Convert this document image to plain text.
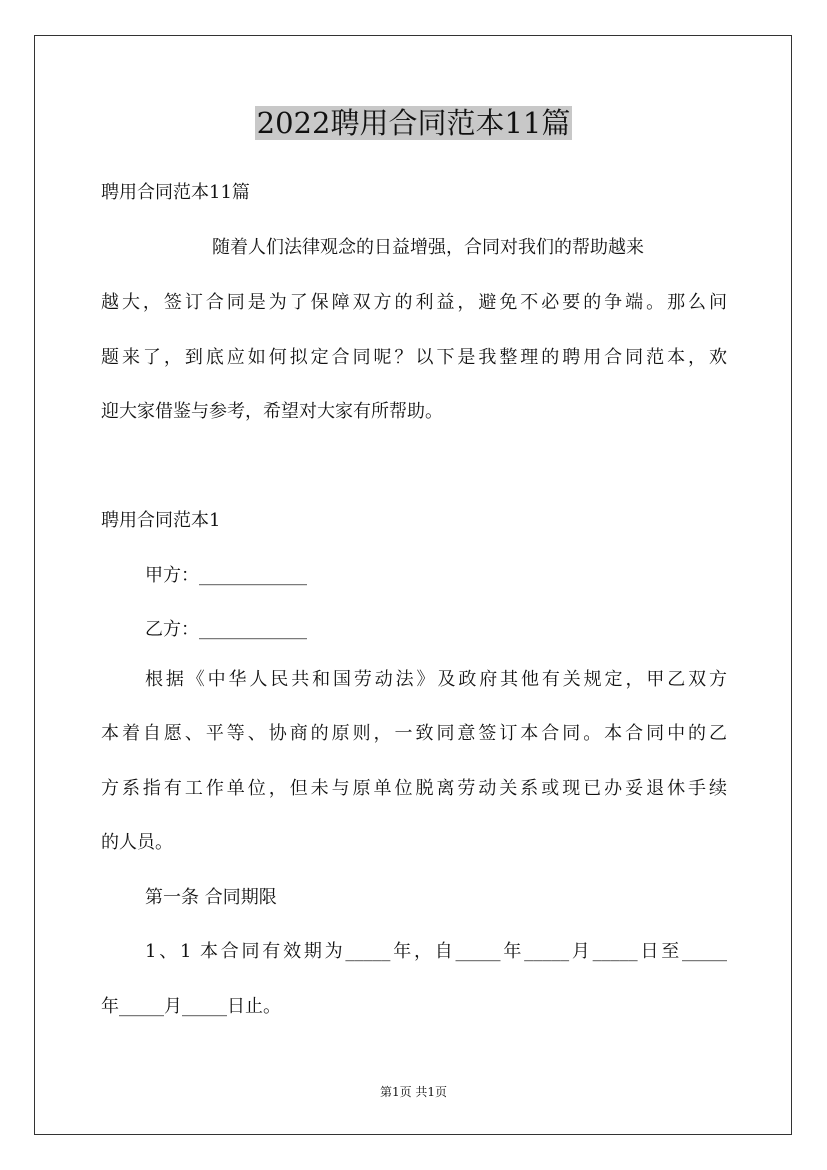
2022聘用合同范本11篇
聘用合同范本11篇
随着人们法律观念的日益增强，合同对我们的帮助越来
越大，签订合同是为了保障双方的利益，避免不必要的争端。那么问
题来了，到底应如何拟定合同呢？以下是我整理的聘用合同范本，欢
迎大家借鉴与参考，希望对大家有所帮助。
聘用合同范本1
甲方：____________
乙方：____________
根据《中华人民共和国劳动法》及政府其他有关规定，甲乙双方
本着自愿、平等、协商的原则，一致同意签订本合同。本合同中的乙
方系指有工作单位，但未与原单位脱离劳动关系或现已办妥退休手续
的人员。
第一条 合同期限
1、1 本合同有效期为_____年，自_____年_____月_____日至_____
年_____月_____日止。
第1页 共1页
